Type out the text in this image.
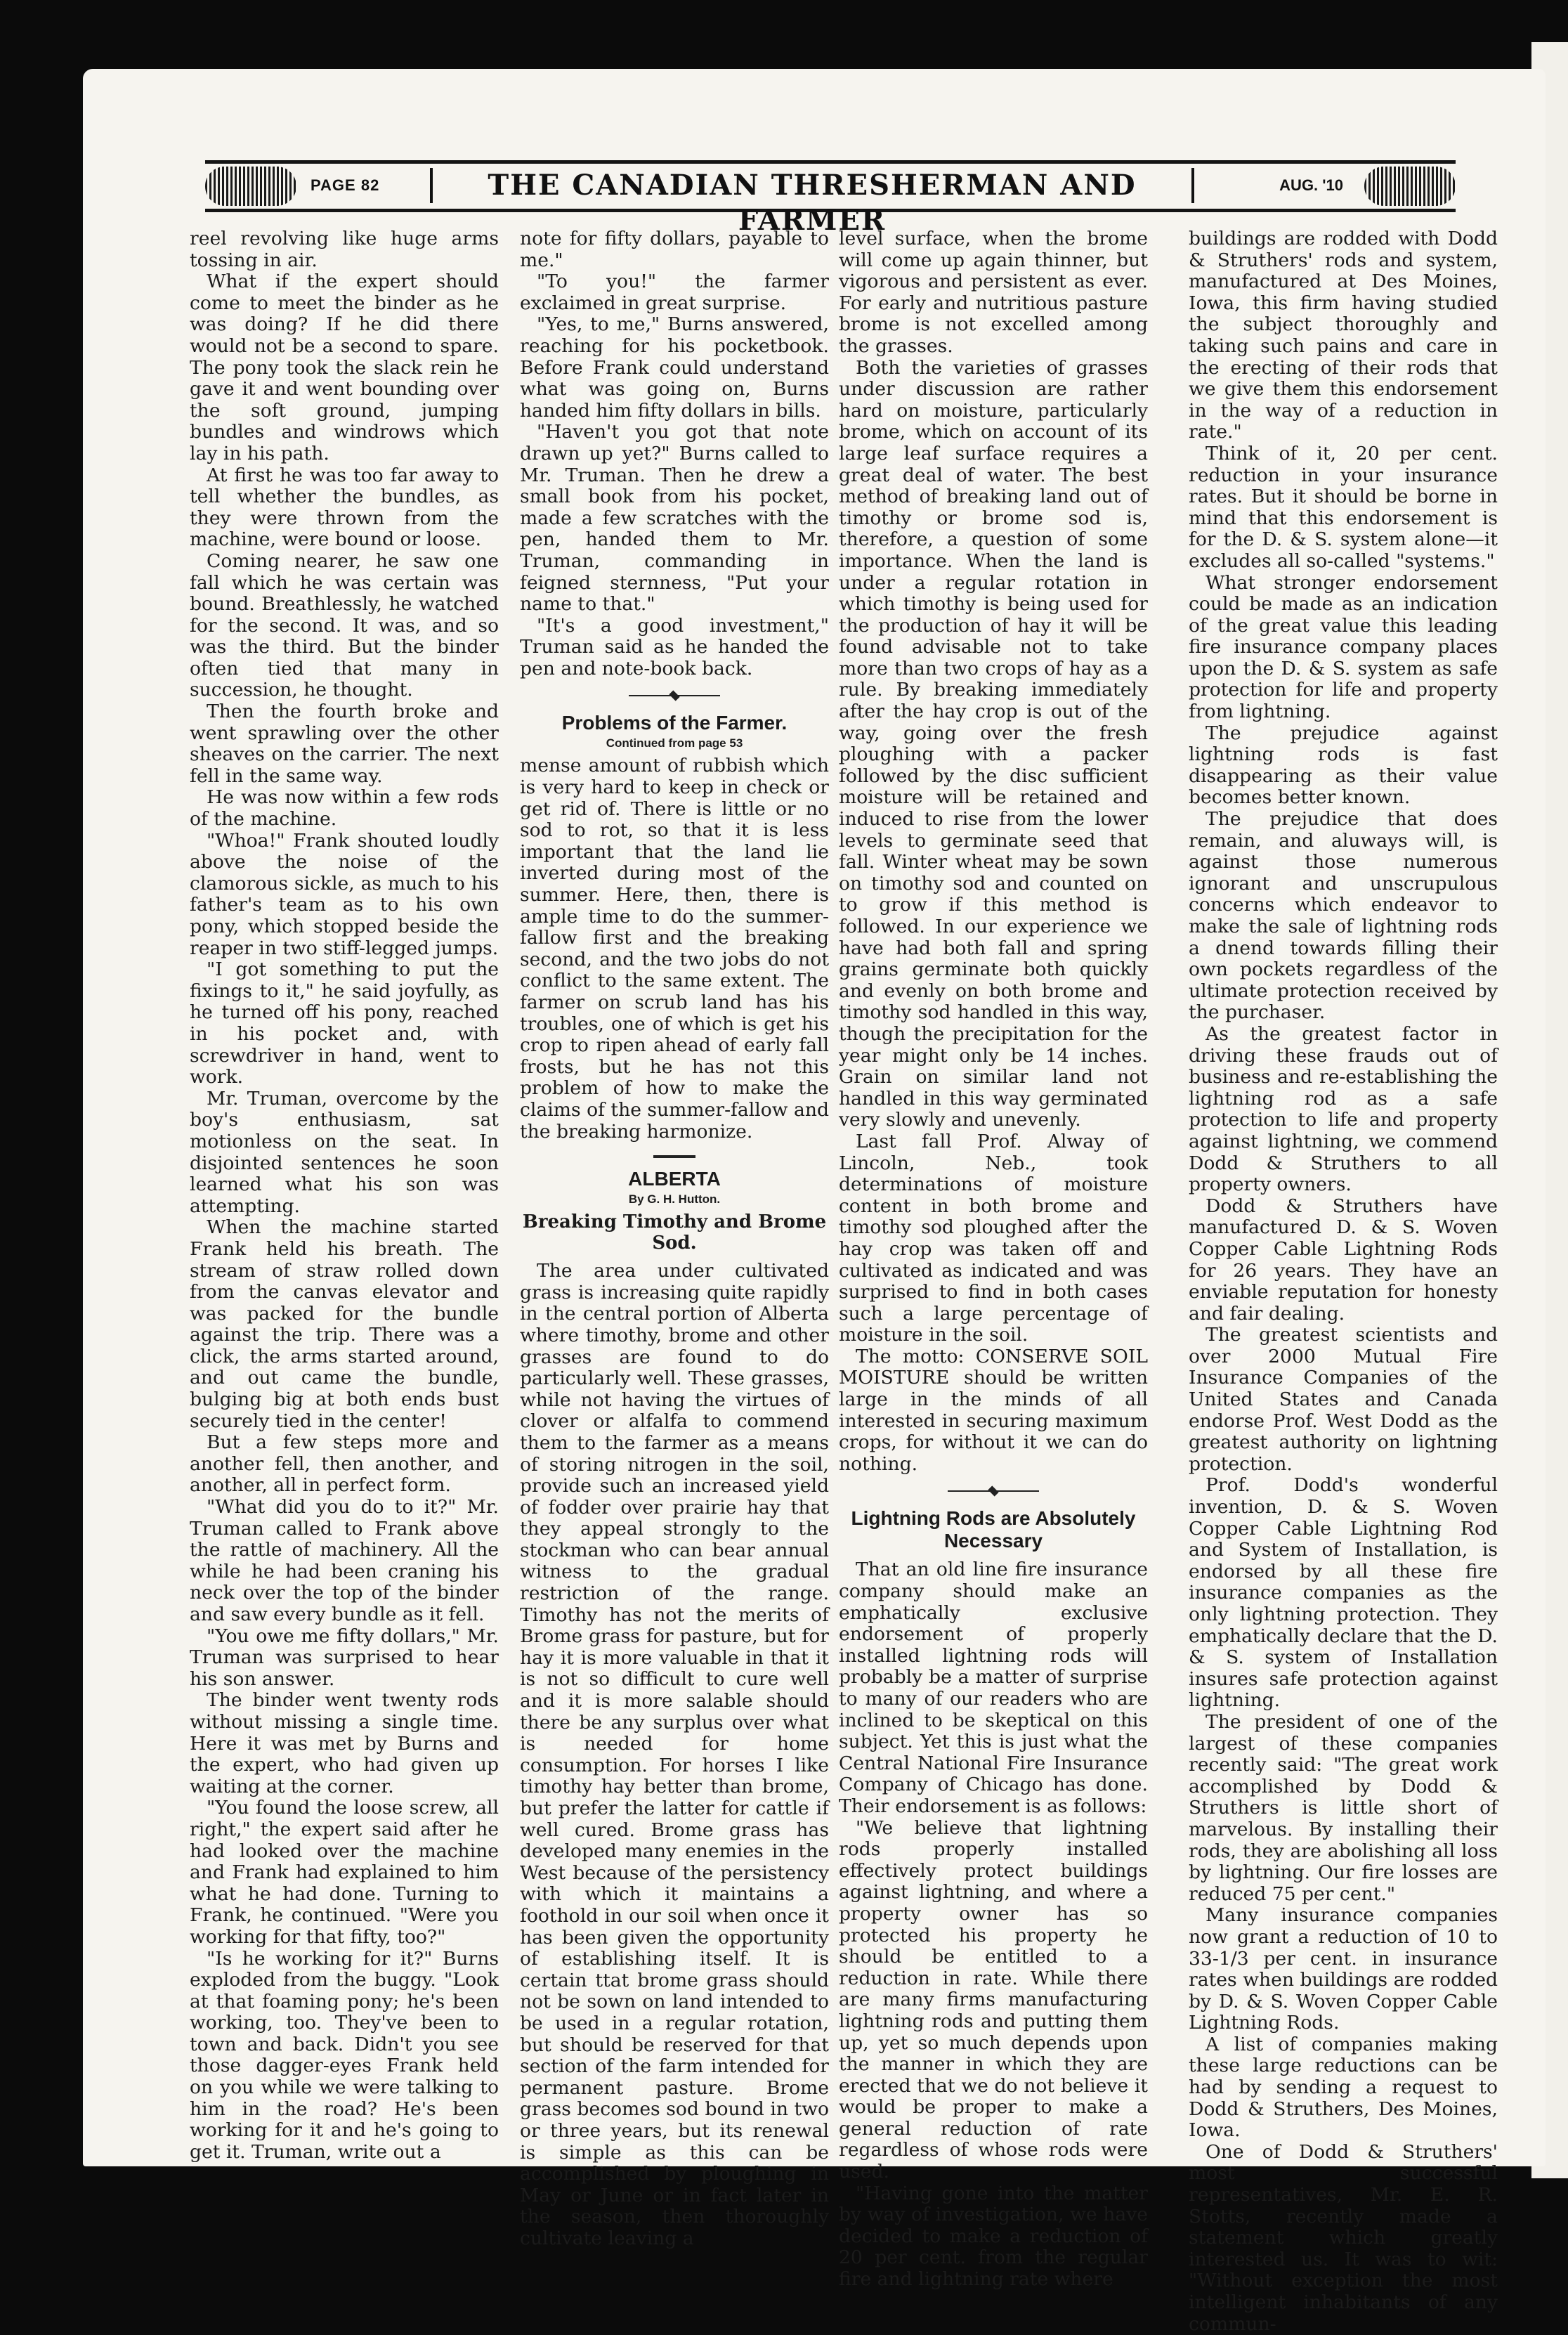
PAGE 82	THE CANADIAN THRESHERMAN AND FARMER
AUG. '10

reel revolving like huge arms tossing in air.

What if the expert should come to meet the binder as he was doing? If he did there would not be a second to spare. The pony took the slack rein he gave it and went bounding over the soft ground, jumping bundles and windrows which lay in his path.

At first he was too far away to tell whether the bundles, as they were thrown from the machine, were bound or loose.

Coming nearer, he saw one fall which he was certain was bound. Breathlessly, he watched for the second. It was, and so was the third. But the binder often tied that many in succession, he thought.

Then the fourth broke and went sprawling over the other sheaves on the carrier. The next fell in the same way.

He was now within a few rods of the machine.

"Whoa!" Frank shouted loudly above the noise of the clamorous sickle, as much to his father's team as to his own pony, which stopped beside the reaper in two stiff-legged jumps.

"I got something to put the fixings to it," he said joyfully, as he turned off his pony, reached in his pocket and, with screwdriver in hand, went to work.

Mr. Truman, overcome by the boy's enthusiasm, sat motionless on the seat. In disjointed sentences he soon learned what his son was attempting.

When the machine started Frank held his breath. The stream of straw rolled down from the canvas elevator and was packed for the bundle against the trip. There was a click, the arms started around, and out came the bundle, bulging big at both ends bust securely tied in the center!

But a few steps more and another fell, then another, and another, all in perfect form.

"What did you do to it?" Mr. Truman called to Frank above the rattle of machinery. All the while he had been craning his neck over the top of the binder and saw every bundle as it fell.

"You owe me fifty dollars," Mr. Truman was surprised to hear his son answer.

The binder went twenty rods without missing a single time. Here it was met by Burns and the expert, who had given up waiting at the corner.

"You found the loose screw, all right," the expert said after he had looked over the machine and Frank had explained to him what he had done. Turning to Frank, he continued. "Were you working for that fifty, too?"

"Is he working for it?" Burns exploded from the buggy. "Look at that foaming pony; he's been working, too. They've been to town and back. Didn't you see those dagger-eyes Frank held on you while we were talking to him in the road? He's been working for it and he's going to get it. Truman, write out a

note for fifty dollars, payable to me."

"To you!" the farmer exclaimed in great surprise.

"Yes, to me," Burns answered, reaching for his pocketbook. Before Frank could understand what was going on, Burns handed him fifty dollars in bills.

"Haven't you got that note drawn up yet?" Burns called to Mr. Truman. Then he drew a small book from his pocket, made a few scratches with the pen, handed them to Mr. Truman, commanding in feigned sternness, "Put your name to that."

"It's a good investment," Truman said as he handed the pen and note-book back.

Problems of the Farmer.
Continued from page 53

mense amount of rubbish which is very hard to keep in check or get rid of. There is little or no sod to rot, so that it is less important that the land lie inverted during most of the summer. Here, then, there is ample time to do the summer-fallow first and the breaking second, and the two jobs do not conflict to the same extent. The farmer on scrub land has his troubles, one of which is get his crop to ripen ahead of early fall frosts, but he has not this problem of how to make the claims of the summer-fallow and the breaking harmonize.

ALBERTA
By G. H. Hutton.
Breaking Timothy and Brome Sod.

The area under cultivated grass is increasing quite rapidly in the central portion of Alberta where timothy, brome and other grasses are found to do particularly well. These grasses, while not having the virtues of clover or alfalfa to commend them to the farmer as a means of storing nitrogen in the soil, provide such an increased yield of fodder over prairie hay that they appeal strongly to the stockman who can bear annual witness to the gradual restriction of the range. Timothy has not the merits of Brome grass for pasture, but for hay it is more valuable in that it is not so difficult to cure well and it is more salable should there be any surplus over what is needed for home consumption. For horses I like timothy hay better than brome, but prefer the latter for cattle if well cured. Brome grass has developed many enemies in the West because of the persistency with which it maintains a foothold in our soil when once it has been given the opportunity of establishing itself. It is certain ttat brome grass should not be sown on land intended to be used in a regular rotation, but should be reserved for that section of the farm intended for permanent pasture. Brome grass becomes sod bound in two or three years, but its renewal is simple as this can be accomplished by ploughing in May or June or in fact later in the season, then thoroughly cultivate leaving a

level surface, when the brome will come up again thinner, but vigorous and persistent as ever. For early and nutritious pasture brome is not excelled among the grasses.

Both the varieties of grasses under discussion are rather hard on moisture, particularly brome, which on account of its large leaf surface requires a great deal of water. The best method of breaking land out of timothy or brome sod is, therefore, a question of some importance. When the land is under a regular rotation in which timothy is being used for the production of hay it will be found advisable not to take more than two crops of hay as a rule. By breaking immediately after the hay crop is out of the way, going over the fresh ploughing with a packer followed by the disc sufficient moisture will be retained and induced to rise from the lower levels to germinate seed that fall. Winter wheat may be sown on timothy sod and counted on to grow if this method is followed. In our experience we have had both fall and spring grains germinate both quickly and evenly on both brome and timothy sod handled in this way, though the precipitation for the year might only be 14 inches. Grain on similar land not handled in this way germinated very slowly and unevenly.

Last fall Prof. Alway of Lincoln, Neb., took determinations of moisture content in both brome and timothy sod ploughed after the hay crop was taken off and cultivated as indicated and was surprised to find in both cases such a large percentage of moisture in the soil.

The motto: CONSERVE SOIL MOISTURE should be written large in the minds of all interested in securing maximum crops, for without it we can do nothing.

Lightning Rods are Absolutely Necessary

That an old line fire insurance company should make an emphatically exclusive endorsement of properly installed lightning rods will probably be a matter of surprise to many of our readers who are inclined to be skeptical on this subject. Yet this is just what the Central National Fire Insurance Company of Chicago has done. Their endorsement is as follows:

"We believe that lightning rods properly installed effectively protect buildings against lightning, and where a property owner has so protected his property he should be entitled to a reduction in rate. While there are many firms manufacturing lightning rods and putting them up, yet so much depends upon the manner in which they are erected that we do not believe it would be proper to make a general reduction of rate regardless of whose rods were used.

"Having gone into the matter by way of investigation, we have decided to make a reduction of 20 per cent. from the regular fire and lightning rate where

buildings are rodded with Dodd & Struthers' rods and system, manufactured at Des Moines, Iowa, this firm having studied the subject thoroughly and taking such pains and care in the erecting of their rods that we give them this endorsement in the way of a reduction in rate."

Think of it, 20 per cent. reduction in your insurance rates. But it should be borne in mind that this endorsement is for the D. & S. system alone—it excludes all so-called "systems."

What stronger endorsement could be made as an indication of the great value this leading fire insurance company places upon the D. & S. system as safe protection for life and property from lightning.

The prejudice against lightning rods is fast disappearing as their value becomes better known.

The prejudice that does remain, and aluways will, is against those numerous ignorant and unscrupulous concerns which endeavor to make the sale of lightning rods a dnend towards filling their own pockets regardless of the ultimate protection received by the purchaser.

As the greatest factor in driving these frauds out of business and re-establishing the lightning rod as a safe protection to life and property against lightning, we commend Dodd & Struthers to all property owners.

Dodd & Struthers have manufactured D. & S. Woven Copper Cable Lightning Rods for 26 years. They have an enviable reputation for honesty and fair dealing.

The greatest scientists and over 2000 Mutual Fire Insurance Companies of the United States and Canada endorse Prof. West Dodd as the greatest authority on lightning protection.

Prof. Dodd's wonderful invention, D. & S. Woven Copper Cable Lightning Rod and System of Installation, is endorsed by all these fire insurance companies as the only lightning protection. They emphatically declare that the D. & S. system of Installation insures safe protection against lightning.

The president of one of the largest of these companies recently said: "The great work accomplished by Dodd & Struthers is little short of marvelous. By installing their rods, they are abolishing all loss by lightning. Our fire losses are reduced 75 per cent."

Many insurance companies now grant a reduction of 10 to 33-1/3 per cent. in insurance rates when buildings are rodded by D. & S. Woven Copper Cable Lightning Rods.

A list of companies making these large reductions can be had by sending a request to Dodd & Struthers, Des Moines, Iowa.

One of Dodd & Struthers' most successful representatives, Mr. E. R. Stotts, recently made a statement which greatly interested us. It was to wit: "Without exception the most intelligent inhabitants of any commun-
